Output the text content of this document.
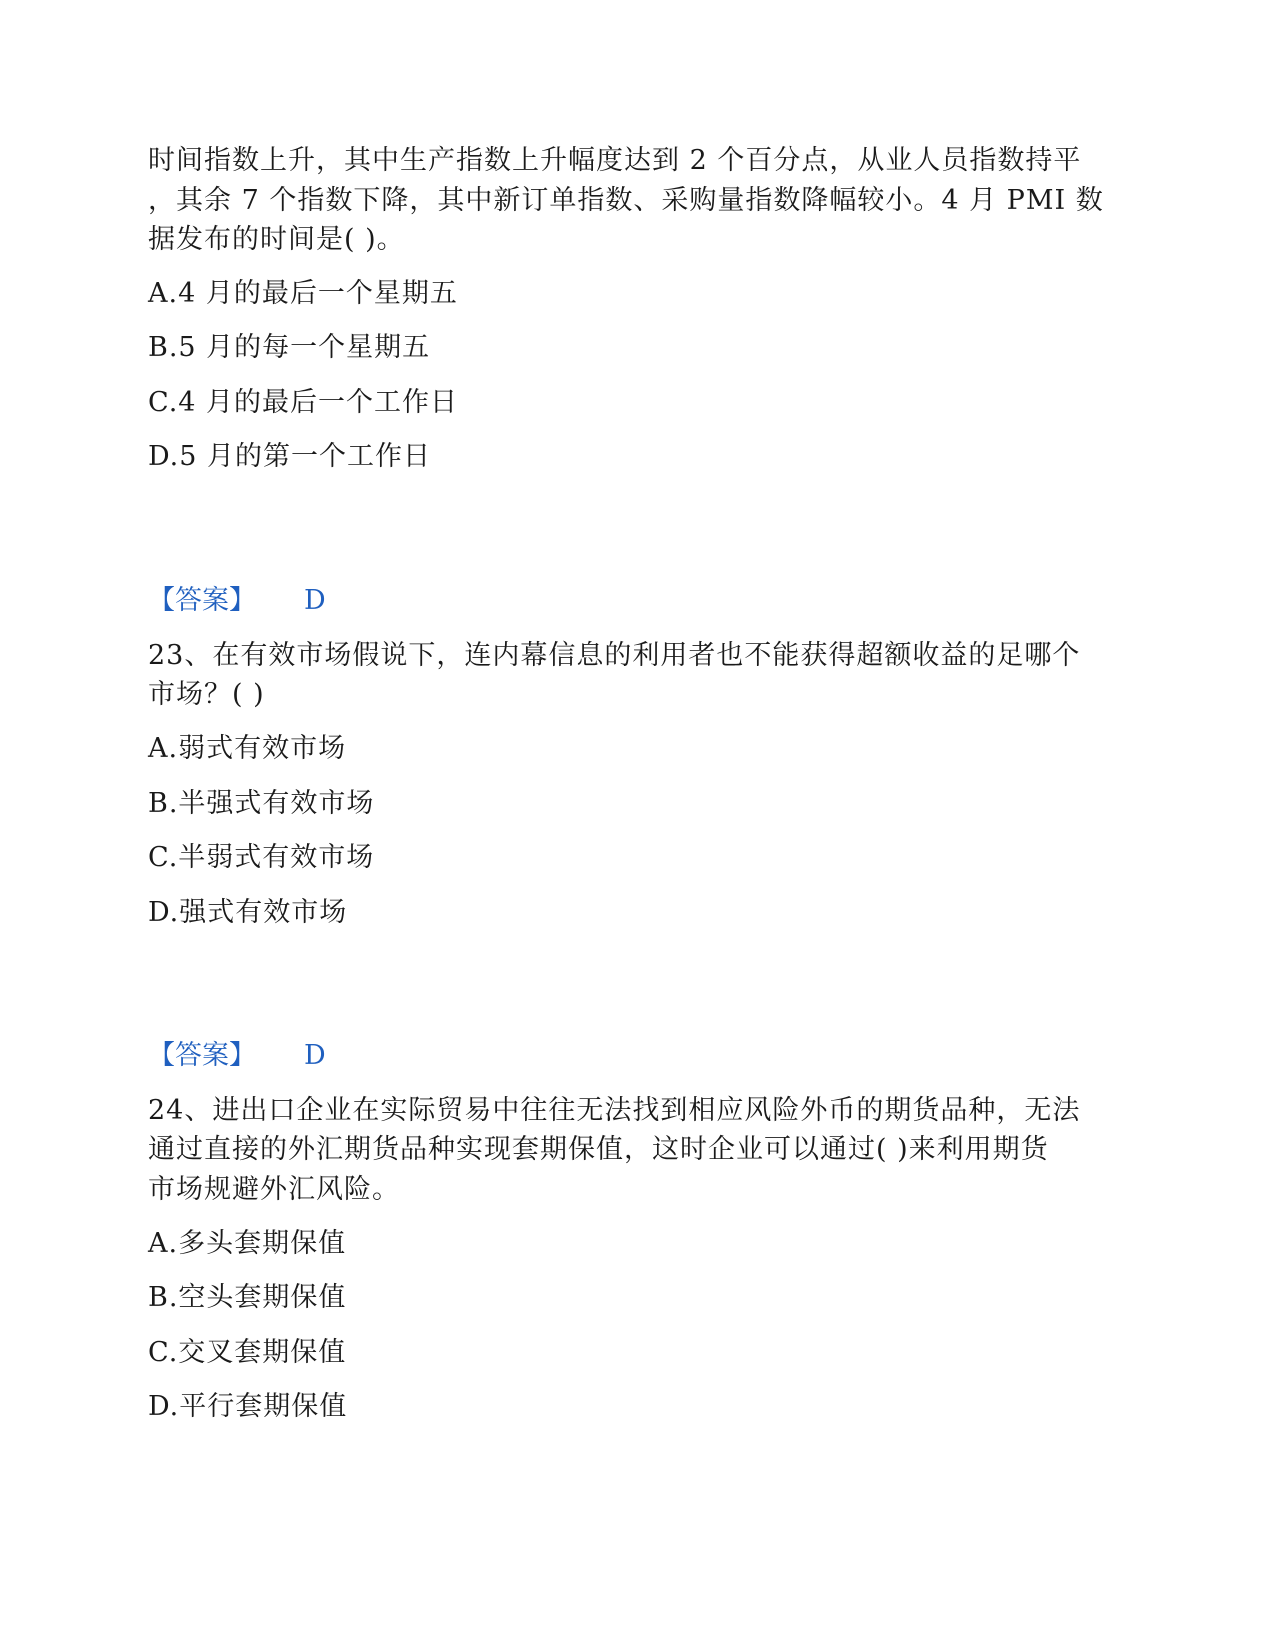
时间指数上升，其中生产指数上升幅度达到 2 个百分点，从业人员指数持平
，其余 7 个指数下降，其中新订单指数、采购量指数降幅较小。4 月 PMI 数
据发布的时间是( )。
A.4 月的最后一个星期五
B.5 月的每一个星期五
C.4 月的最后一个工作日
D.5 月的第一个工作日
【答案】 D
23、在有效市场假说下，连内幕信息的利用者也不能获得超额收益的足哪个
市场？( )
A.弱式有效市场
B.半强式有效市场
C.半弱式有效市场
D.强式有效市场
【答案】 D
24、进出口企业在实际贸易中往往无法找到相应风险外币的期货品种，无法
通过直接的外汇期货品种实现套期保值，这时企业可以通过( )来利用期货
市场规避外汇风险。
A.多头套期保值
B.空头套期保值
C.交叉套期保值
D.平行套期保值
